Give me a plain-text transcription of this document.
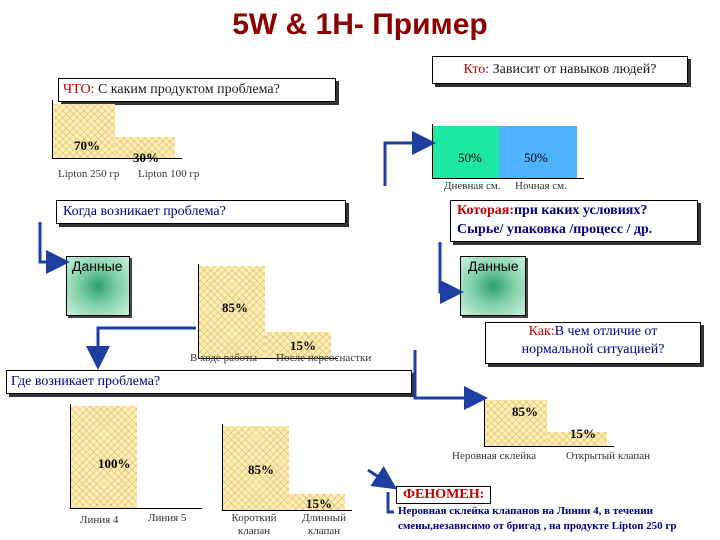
5W & 1H- Пример
ЧТО: С каким продуктом проблема?
70%
30%
Lipton 250 гр Lipton 100 гр
Кто: Зависит от навыков людей?
50%	50%
Дневная см. Ночная см.
Когда возникает проблема?	Которая:при каких условиях?
Сырье/ упаковка /процесс / др.
Данные	Данные
85%
15%
В ходе работы После переоснастки
Как:В чем отличие от
нормальной ситуацией?
Где возникает проблема?
85%
15%
Неровная склейка	Открытый клапан
100%
Линия 4	Линия 5
85%
15%
Короткий клапан
Длинный клапан
ФЕНОМЕН:
Неровная склейка клапанов на Линии 4, в течении смены,независимо от бригад , на продукте Lipton 250 гр
